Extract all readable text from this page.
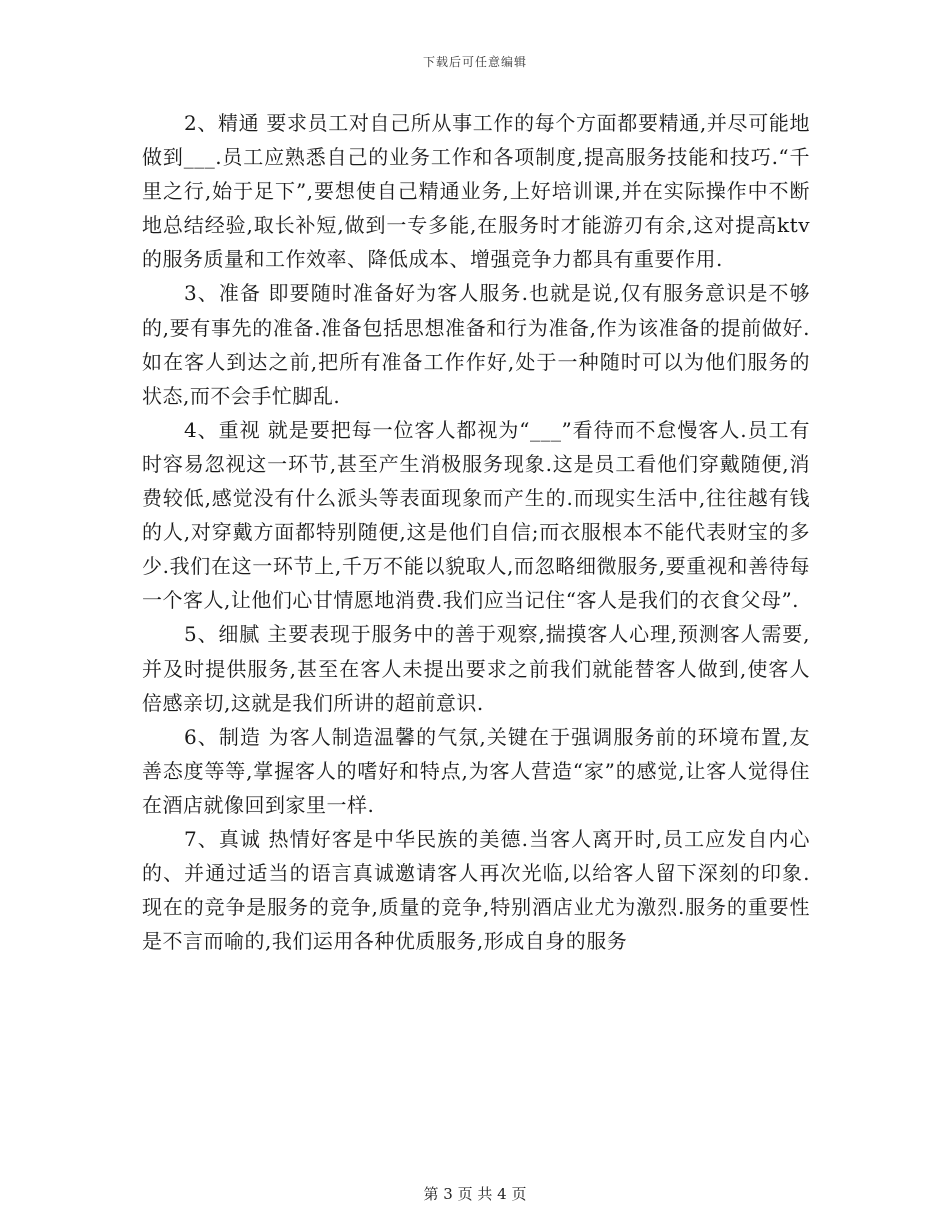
下载后可任意编辑

2、精通 要求员工对自己所从事工作的每个方面都要精通,并尽可能地做到___.员工应熟悉自己的业务工作和各项制度,提高服务技能和技巧.“千里之行,始于足下”,要想使自己精通业务,上好培训课,并在实际操作中不断地总结经验,取长补短,做到一专多能,在服务时才能游刃有余,这对提高ktv的服务质量和工作效率、降低成本、增强竞争力都具有重要作用.

3、准备 即要随时准备好为客人服务.也就是说,仅有服务意识是不够的,要有事先的准备.准备包括思想准备和行为准备,作为该准备的提前做好.如在客人到达之前,把所有准备工作作好,处于一种随时可以为他们服务的状态,而不会手忙脚乱.

4、重视 就是要把每一位客人都视为“___”看待而不怠慢客人.员工有时容易忽视这一环节,甚至产生消极服务现象.这是员工看他们穿戴随便,消费较低,感觉没有什么派头等表面现象而产生的.而现实生活中,往往越有钱的人,对穿戴方面都特别随便,这是他们自信;而衣服根本不能代表财宝的多少.我们在这一环节上,千万不能以貌取人,而忽略细微服务,要重视和善待每一个客人,让他们心甘情愿地消费.我们应当记住“客人是我们的衣食父母”.

5、细腻 主要表现于服务中的善于观察,揣摸客人心理,预测客人需要,并及时提供服务,甚至在客人未提出要求之前我们就能替客人做到,使客人倍感亲切,这就是我们所讲的超前意识.

6、制造 为客人制造温馨的气氛,关键在于强调服务前的环境布置,友善态度等等,掌握客人的嗜好和特点,为客人营造“家”的感觉,让客人觉得住在酒店就像回到家里一样.

7、真诚 热情好客是中华民族的美德.当客人离开时,员工应发自内心的、并通过适当的语言真诚邀请客人再次光临,以给客人留下深刻的印象.现在的竞争是服务的竞争,质量的竞争,特别酒店业尤为激烈.服务的重要性是不言而喻的,我们运用各种优质服务,形成自身的服务

第 3 页 共 4 页
